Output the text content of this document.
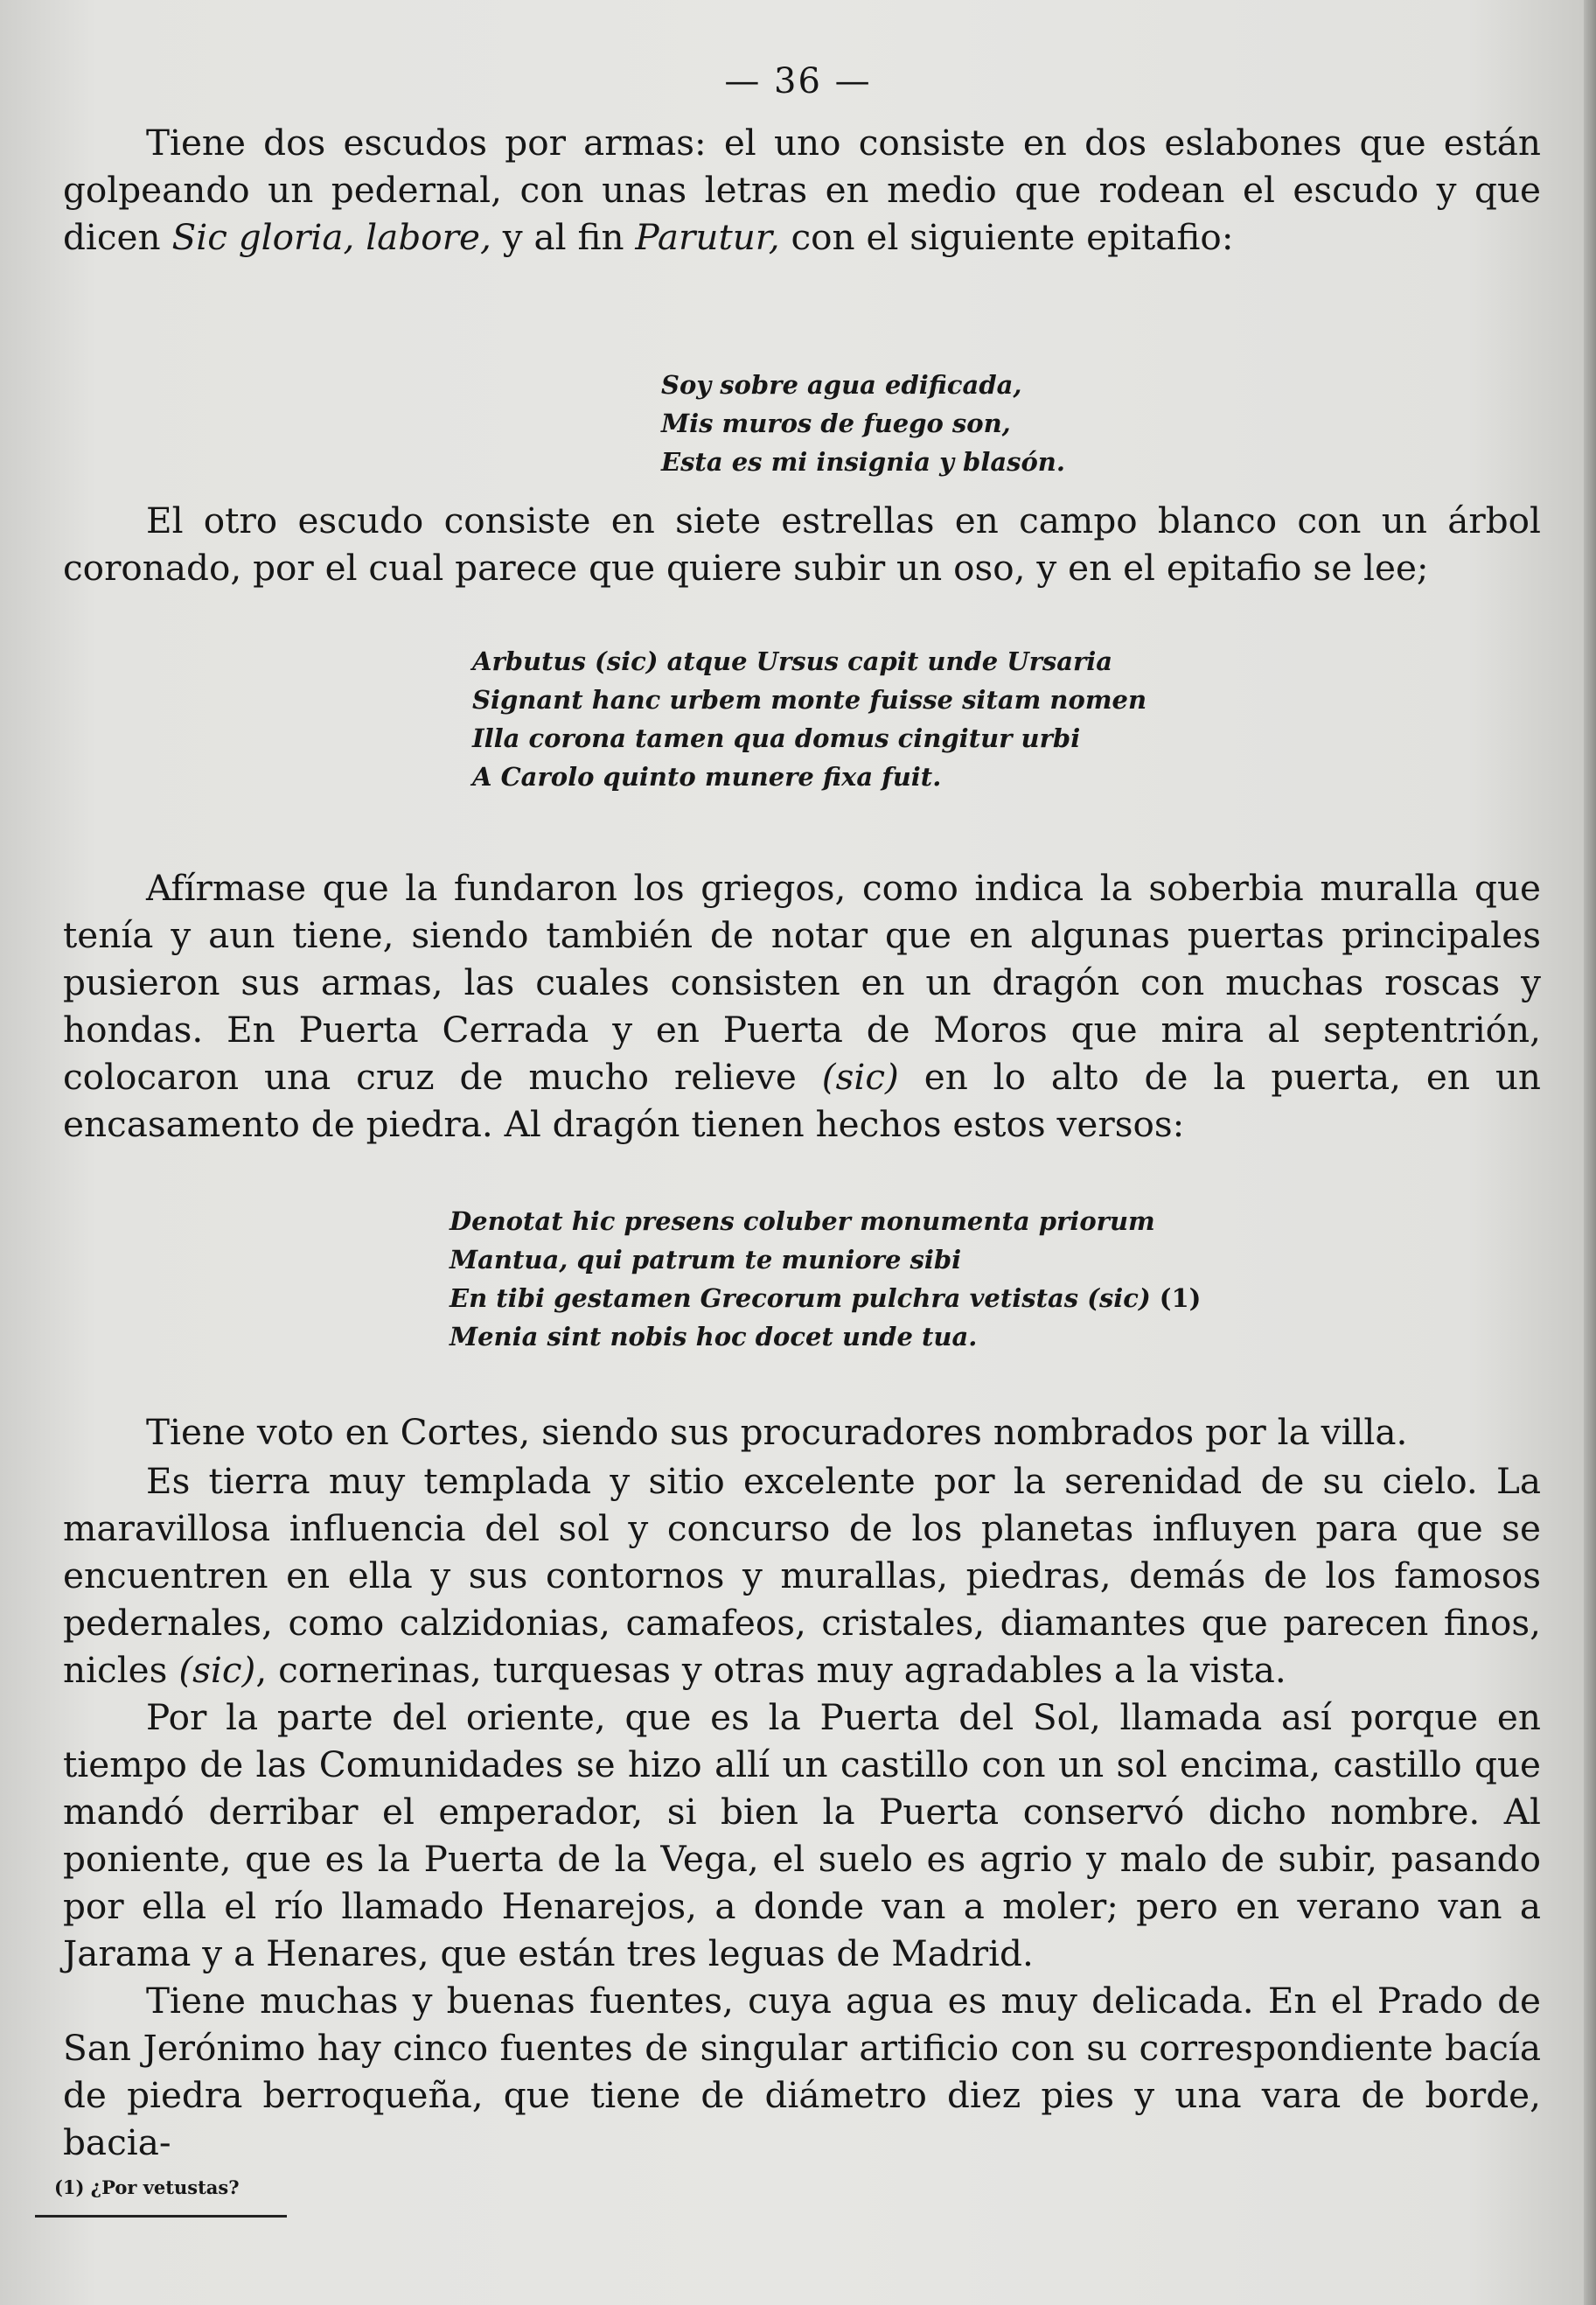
— 36 —

Tiene dos escudos por armas: el uno consiste en dos eslabones que están golpeando un pedernal, con unas letras en medio que rodean el escudo y que dicen Sic gloria, labore, y al fin Parutur, con el siguiente epitafio:

Soy sobre agua edificada,
Mis muros de fuego son,
Esta es mi insignia y blasón.

El otro escudo consiste en siete estrellas en campo blanco con un árbol coronado, por el cual parece que quiere subir un oso, y en el epitafio se lee;

Arbutus (sic) atque Ursus capit unde Ursaria
Signant hanc urbem monte fuisse sitam nomen
Illa corona tamen qua domus cingitur urbi
A Carolo quinto munere fixa fuit.

Afírmase que la fundaron los griegos, como indica la soberbia muralla que tenía y aun tiene, siendo también de notar que en algunas puertas principales pusieron sus armas, las cuales consisten en un dragón con muchas roscas y hondas. En Puerta Cerrada y en Puerta de Moros que mira al septentrión, colocaron una cruz de mucho relieve (sic) en lo alto de la puerta, en un encasamento de piedra. Al dragón tienen hechos estos versos:

Denotat hic presens coluber monumenta priorum
Mantua, qui patrum te muniore sibi
En tibi gestamen Grecorum pulchra vetistas (sic) (1)
Menia sint nobis hoc docet unde tua.

Tiene voto en Cortes, siendo sus procuradores nombrados por la villa.

Es tierra muy templada y sitio excelente por la serenidad de su cielo. La maravillosa influencia del sol y concurso de los planetas influyen para que se encuentren en ella y sus contornos y murallas, piedras, demás de los famosos pedernales, como calzidonias, camafeos, cristales, diamantes que parecen finos, nicles (sic), cornerinas, turquesas y otras muy agradables a la vista.

Por la parte del oriente, que es la Puerta del Sol, llamada así porque en tiempo de las Comunidades se hizo allí un castillo con un sol encima, castillo que mandó derribar el emperador, si bien la Puerta conservó dicho nombre. Al poniente, que es la Puerta de la Vega, el suelo es agrio y malo de subir, pasando por ella el río llamado Henarejos, a donde van a moler; pero en verano van a Jarama y a Henares, que están tres leguas de Madrid.

Tiene muchas y buenas fuentes, cuya agua es muy delicada. En el Prado de San Jerónimo hay cinco fuentes de singular artificio con su correspondiente bacía de piedra berroqueña, que tiene de diámetro diez pies y una vara de borde, bacia-

(1) ¿Por vetustas?
